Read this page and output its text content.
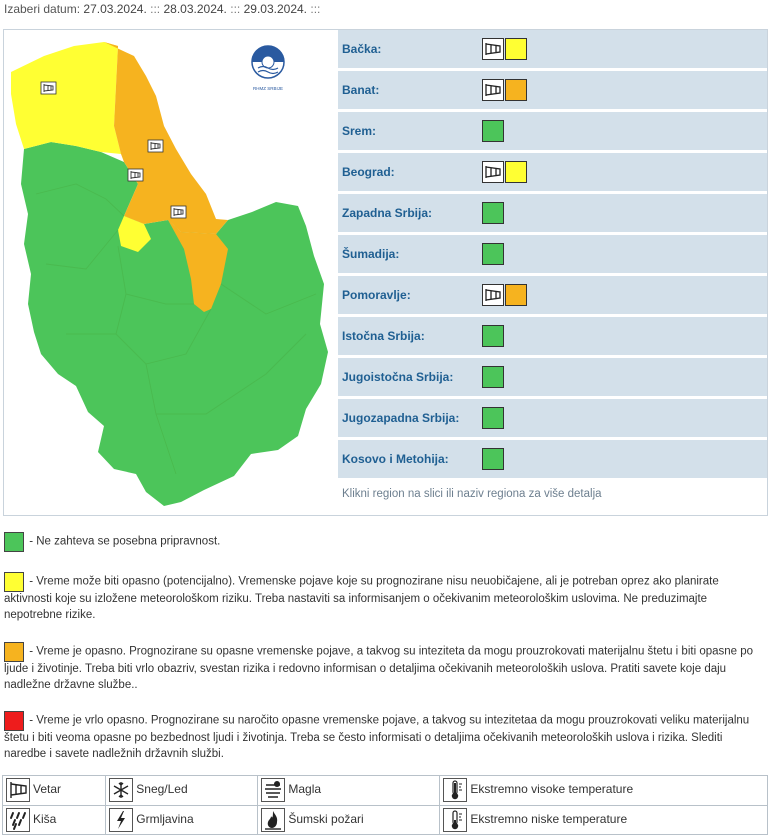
Izaberi datum: 27.03.2024. ::: 28.03.2024. ::: 29.03.2024. :::
RHMZ SRBIJE
Bačka:
Banat:
Srem:
Beograd:
Zapadna Srbija:
Šumadija:
Pomoravlje:
Istočna Srbija:
Jugoistočna Srbija:
Jugozapadna Srbija:
Kosovo i Metohija:
Klikni region na slici ili naziv regiona za više detalja
- Ne zahteva se posebna pripravnost.
- Vreme može biti opasno (potencijalno). Vremenske pojave koje su prognozirane nisu neuobičajene, ali je potreban oprez ako planirate aktivnosti koje su izložene meteorološkom riziku. Treba nastaviti sa informisanjem o očekivanim meteorološkim uslovima. Ne preduzimajte nepotrebne rizike.
- Vreme je opasno. Prognozirane su opasne vremenske pojave, a takvog su inteziteta da mogu prouzrokovati materijalnu štetu i biti opasne po ljude i životinje. Treba biti vrlo obazriv, svestan rizika i redovno informisan o detaljima očekivanih meteoroloških uslova. Pratiti savete koje daju nadležne državne službe..
- Vreme je vrlo opasno. Prognozirane su naročito opasne vremenske pojave, a takvog su intezitetaa da mogu prouzrokovati veliku materijalnu štetu i biti veoma opasne po bezbednost ljudi i životinja. Treba se često informisati o detaljima očekivanih meteoroloških uslova i rizika. Slediti naredbe i savete nadležnih državnih službi.
Vetar	Sneg/Led	Magla	Ekstremno visoke temperature

Kiša	Grmljavina	Šumski požari	Ekstremno niske temperature
